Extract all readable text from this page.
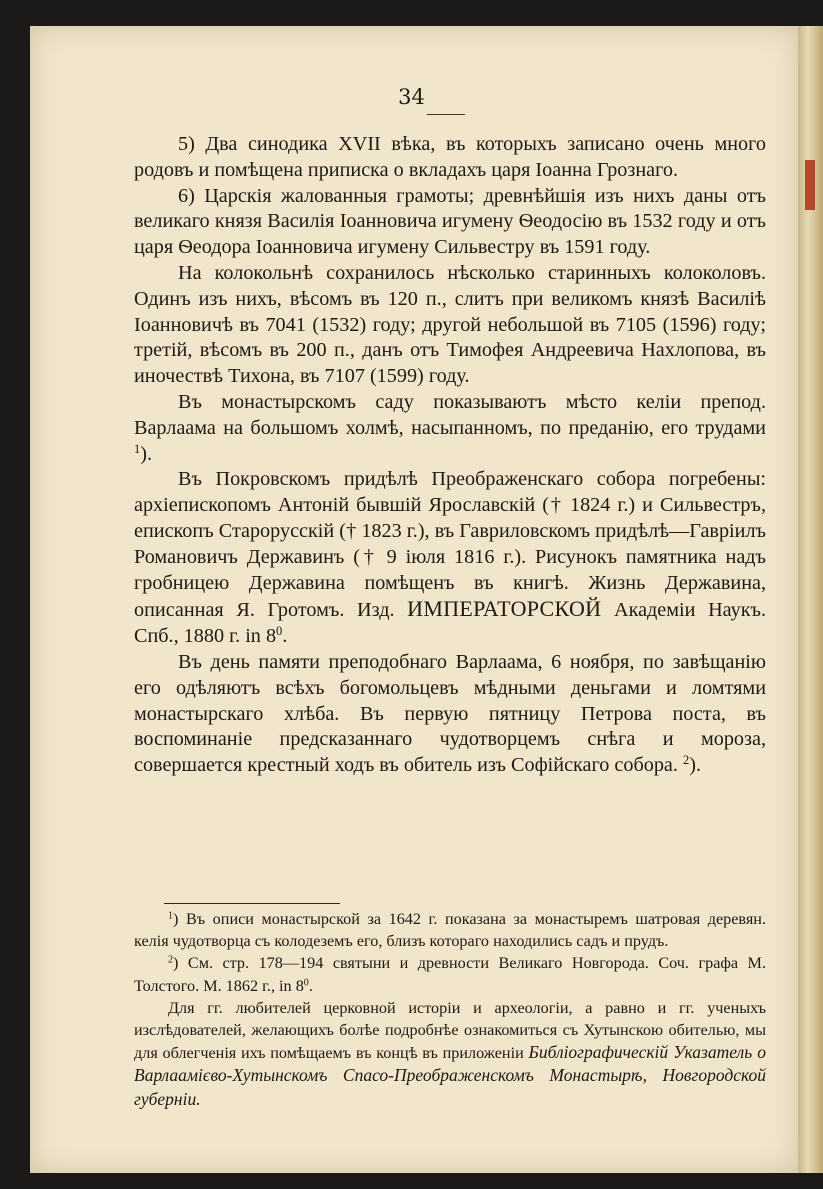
34

5) Два синодика XVII вѣка, въ которыхъ записано очень много родовъ и помѣщена приписка о вкладахъ царя Іоанна Грознаго.

6) Царскія жалованныя грамоты; древнѣйшія изъ нихъ даны отъ великаго князя Василія Іоанновича игумену Ѳеодосію въ 1532 году и отъ царя Ѳеодора Іоанновича игумену Сильвестру въ 1591 году.

На колокольнѣ сохранилось нѣсколько старинныхъ колоколовъ. Одинъ изъ нихъ, вѣсомъ въ 120 п., слитъ при великомъ князѣ Василіѣ Іоанновичѣ въ 7041 (1532) году; другой небольшой въ 7105 (1596) году; третій, вѣсомъ въ 200 п., данъ отъ Тимофея Андреевича Нахлопова, въ иночествѣ Тихона, въ 7107 (1599) году.

Въ монастырскомъ саду показываютъ мѣсто келіи препод. Варлаама на большомъ холмѣ, насыпанномъ, по преданію, его трудами $^1$).

Въ Покровскомъ придѣлѣ Преображенскаго собора погребены: архіепископомъ Антоній бывшій Ярославскій († 1824 г.) и Сильвестръ, епископъ Старорусскій († 1823 г.), въ Гавриловскомъ придѣлѣ—Гавріилъ Романовичъ Державинъ († 9 іюля 1816 г.). Рисунокъ памятника надъ гробницею Державина помѣщенъ въ книгѣ. Жизнь Державина, описанная Я. Гротомъ. Изд. ИМПЕРАТОРСКОЙ Академіи Наукъ. Спб., 1880 г. in $8^0$.

Въ день памяти преподобнаго Варлаама, 6 ноября, по завѣщанію его одѣляютъ всѣхъ богомольцевъ мѣдными деньгами и ломтями монастырскаго хлѣба. Въ первую пятницу Петрова поста, въ воспоминаніе предсказаннаго чудотворцемъ снѣга и мороза, совершается крестный ходъ въ обитель изъ Софійскаго собора. $^2$).

$^1$) Въ описи монастырской за 1642 г. показана за монастыремъ шатровая деревян. келія чудотворца съ колодеземъ его, близъ котораго находились садъ и прудъ.

$^2$) См. стр. 178—194 святыни и древности Великаго Новгорода. Соч. графа М. Толстого. М. 1862 г., in $8^0$.

Для гг. любителей церковной исторіи и археологіи, а равно и гг. ученыхъ изслѣдователей, желающихъ болѣе подробнѣе ознакомиться съ Хутынскою обителью, мы для облегченія ихъ помѣщаемъ въ концѣ въ приложеніи Библіографическій Указатель о Варлаамієво-Хутынскомъ Спасо-Преображенскомъ Монастырѣ, Новгородской губерніи.
